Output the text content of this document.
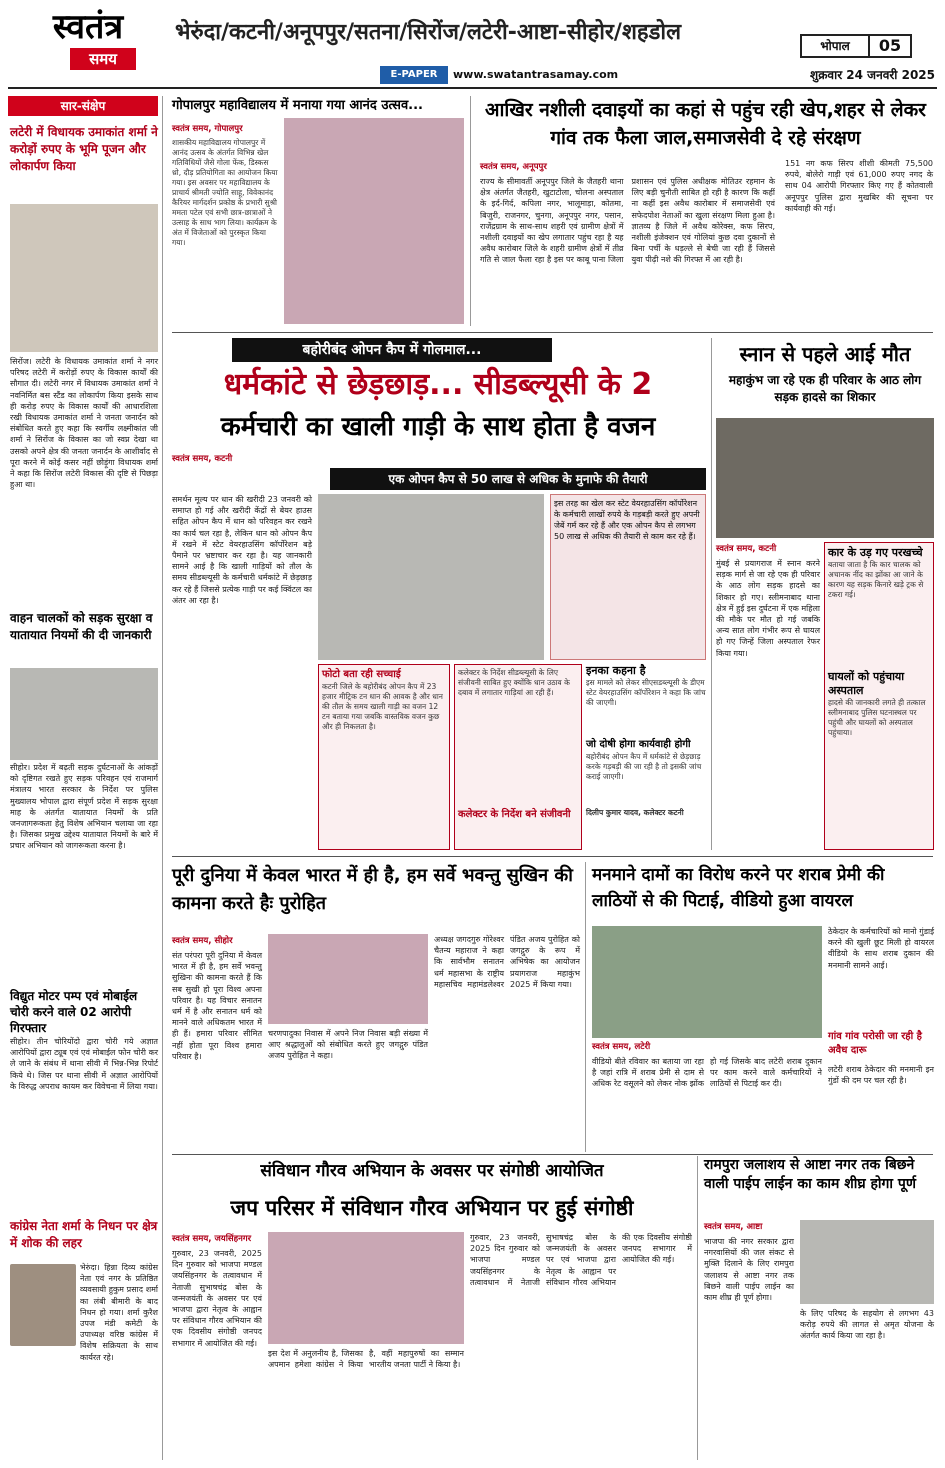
स्वतंत्र
समय
भेरुंदा/कटनी/अनूपपुर/सतना/सिरोंज/लटेरी-आष्टा-सीहोर/शहडोल
भोपाल	05
E-PAPER	www.swatantrasamay.com	शुक्रवार 24 जनवरी 2025
सार-संक्षेप
लटेरी में विधायक उमाकांत शर्मा ने करोड़ों रुपए के भूमि पूजन और लोकार्पण किया
सिरोंज। लटेरी के विधायक उमाकांत शर्मा ने नगर परिषद लटेरी में करोड़ों रुपए के विकास कार्यों की सौगात दी। लटेरी नगर में विधायक उमाकांत शर्मा ने नवनिर्मित बस स्टैंड का लोकार्पण किया इसके साथ ही करोड़ रुपए के विकास कार्यों की आधारशिला रखी विधायक उमाकांत शर्मा ने जनता जनार्दन को संबोधित करते हुए कहा कि स्वर्गीय लक्ष्मीकांत जी शर्मा ने सिरोंज के विकास का जो स्वप्न देखा था उसको अपने क्षेत्र की जनता जनार्दन के आशीर्वाद से पूरा करने में कोई कसर नहीं छोड़ूंगा विधायक शर्मा ने कहा कि सिरोंज लटेरी विकास की दृष्टि से पिछड़ा हुआ था।
वाहन चालकों को सड़क सुरक्षा व यातायात नियमों की दी जानकारी
सीहोर। प्रदेश में बढ़ती सड़क दुर्घटनाओं के आंकड़ों को दृष्टिगत रखते हुए सड़क परिवहन एवं राजमार्ग मंत्रालय भारत सरकार के निर्देश पर पुलिस मुख्यालय भोपाल द्वारा संपूर्ण प्रदेश में सड़क सुरक्षा माह के अंतर्गत यातायात नियमों के प्रति जनजागरूकता हेतु विशेष अभियान चलाया जा रहा है। जिसका प्रमुख उद्देश्य यातायात नियमों के बारे में प्रचार अभियान को जागरूकता करना है।
विद्युत मोटर पम्प एवं मोबाईल चोरी करने वाले 02 आरोपी गिरफ्तार
सीहोर। तीन चोरियोंदो द्वारा चोरी गये अज्ञात आरोपियों द्वारा ट्यूब एवं एवं मोबाईल फोन चोरी कर ले जाने के संबंध में थाना सीवी में भिन्न-भिन्न रिपोर्ट किये थे। जिस पर थाना सीवी में अज्ञात आरोपियों के विरुद्ध अपराध कायम कर विवेचना में लिया गया।
कांग्रेस नेता शर्मा के निधन पर क्षेत्र में शोक की लहर
भेरुंदा। हिन्ना दिव्य कांग्रेस नेता एवं नगर के प्रतिष्ठित व्यवसायी हुकुम प्रसाद शर्मा का लंबी बीमारी के बाद निधन हो गया। शर्मा कुरैश उपज मंडी कमेटी के उपाध्यक्ष वरिष्ठ कांग्रेस में विशेष सक्रियता के साथ कार्यरत रहे।
गोपालपुर महाविद्यालय में मनाया गया आनंद उत्सव...
स्वतंत्र समय, गोपालपुर
शासकीय महाविद्यालय गोपालपुर में आनंद उत्सव के अंतर्गत विभिन्न खेल गतिविधियों जैसे गोला फेंक, डिस्कस थ्रो, दौड़ प्रतियोगिता का आयोजन किया गया। इस अवसर पर महाविद्यालय के प्राचार्य श्रीमती ज्योति साहू, विवेकानंद कैरियर मार्गदर्शन प्रकोष्ठ के प्रभारी सुश्री ममता पटेल एवं सभी छात्र-छात्राओं ने उत्साह के साथ भाग लिया। कार्यक्रम के अंत में विजेताओं को पुरस्कृत किया गया।
आखिर नशीली दवाइयों का कहां से पहुंच रही खेप,शहर से लेकर गांव तक फैला जाल,समाजसेवी दे रहे संरक्षण
स्वतंत्र समय, अनूपपुर
राज्य के सीमावर्ती अनूपपुर जिले के जैतहरी थाना क्षेत्र अंतर्गत जैतहरी, खुटाटोला, चोलना अस्पताल के इर्द-गिर्द, कपिला नगर, भालूमाड़ा, कोतमा, बिजुरी, राजनगर, चुनगा, अनूपपुर नगर, पसान, राजेंद्रग्राम के साथ-साथ शहरी एवं ग्रामीण क्षेत्रों में नशीली दवाइयों का खेप लगातार पहुंच रहा है यह अवैध कारोबार जिले के शहरी ग्रामीण क्षेत्रों में तीव्र गति से जाल फैला रहा है इस पर काबू पाना जिला प्रशासन एवं पुलिस अधीक्षक मोतिउर रहमान के लिए बड़ी चुनौती साबित हो रही है कारण कि कहीं ना कहीं इस अवैध कारोबार में समाजसेवी एवं सफेदपोश नेताओं का खुला संरक्षण मिला हुआ है। ज्ञातव्य है जिले में अवैध कोरेक्स, कफ सिरप, नशीली इंजेक्शन एवं गोलियां कुछ दवा दुकानों से बिना पर्ची के धड़ल्ले से बेची जा रही हैं जिससे युवा पीढ़ी नशे की गिरफ्त में आ रही है।
151 नग कफ सिरप शीशी कीमती 75,500 रुपये, बोलेरो गाड़ी एवं 61,000 रुपए नगद के साथ 04 आरोपी गिरफ्तार किए गए हैं कोतवाली अनूपपुर पुलिस द्वारा मुखबिर की सूचना पर कार्यवाही की गई।
बहोरीबंद ओपन कैप में गोलमाल...
धर्मकांटे से छेड़छाड़... सीडब्ल्यूसी के 2
कर्मचारी का खाली गाड़ी के साथ होता है वजन
स्वतंत्र समय, कटनी
एक ओपन कैप से 50 लाख से अधिक के मुनाफे की तैयारी
समर्थन मूल्य पर धान की खरीदी 23 जनवरी को समाप्त हो गई और खरीदी केंद्रों से बेयर हाउस सहित ओपन कैप में धान को परिवहन कर रखने का कार्य चल रहा है, लेकिन धान को ओपन कैप में रखने में स्टेट वेयरहाउसिंग कॉर्पोरेशन बड़े पैमाने पर भ्रष्टाचार कर रहा है। यह जानकारी सामने आई है कि खाली गाड़ियों को तौल के समय सीडब्ल्यूसी के कर्मचारी धर्मकांटे में छेड़छाड़ कर रहे हैं जिससे प्रत्येक गाड़ी पर कई क्विंटल का अंतर आ रहा है।
इस तरह का खेल कर स्टेट वेयरहाउसिंग कॉर्पोरेशन के कर्मचारी लाखों रुपये के गड़बड़ी करते हुए अपनी जेबें गर्म कर रहे हैं और एक ओपन कैप से लगभग 50 लाख से अधिक की तैयारी से काम कर रहे हैं।
फोटो बता रही सच्चाई
कटनी जिले के बहोरीबंद ओपन कैप में 23 हजार मीट्रिक टन धान की आवक है और धान की तौल के समय खाली गाड़ी का वजन 12 टन बताया गया जबकि वास्तविक वजन कुछ और ही निकलता है।
कलेक्टर के निर्देश सीडब्ल्यूसी के लिए संजीवनी साबित हुए क्योंकि धान उठाव के दबाव में लगातार गाड़ियां आ रही हैं।
कलेक्टर के निर्देश बने संजीवनी
इनका कहना है
इस मामले को लेकर सीएसडब्ल्यूसी के डीएम स्टेट वेयरहाउसिंग कॉर्पोरेशन ने कहा कि जांच की जाएगी।
जो दोषी होगा कार्यवाही होगी
बहोरीबंद ओपन कैप में धर्मकांटे से छेड़छाड़ करके गड़बड़ी की जा रही है तो इसकी जांच कराई जाएगी।
दिलीप कुमार यादव, कलेक्टर कटनी
स्नान से पहले आई मौत
महाकुंभ जा रहे एक ही परिवार के आठ लोग सड़क हादसे का शिकार
स्वतंत्र समय, कटनी
मुंबई से प्रयागराज में स्नान करने सड़क मार्ग से जा रहे एक ही परिवार के आठ लोग सड़क हादसे का शिकार हो गए। स्लीमनाबाद थाना क्षेत्र में हुई इस दुर्घटना में एक महिला की मौके पर मौत हो गई जबकि अन्य सात लोग गंभीर रूप से घायल हो गए जिन्हें जिला अस्पताल रेफर किया गया।
कार के उड़ गए परखच्चे
बताया जाता है कि कार चालक को अचानक नींद का झोंका आ जाने के कारण यह सड़क किनारे खड़े ट्रक से टकरा गई।
घायलों को पहुंचाया अस्पताल
हादसे की जानकारी लगते ही तत्काल स्लीमनाबाद पुलिस घटनास्थल पर पहुंची और घायलों को अस्पताल पहुंचाया।
पूरी दुनिया में केवल भारत में ही है, हम सर्वे भवन्तु सुखिन की कामना करते हैः पुरोहित
स्वतंत्र समय, सीहोर
संत परंपरा पूरी दुनिया में केवल भारत में ही है, हम सर्वे भवन्तु सुखिनः की कामना करते हैं कि सब सुखी हो पूरा विश्व अपना परिवार है। यह विचार सनातन धर्म में है और सनातन धर्म को मानने वाले अधिकतम भारत में ही हैं। हमारा परिवार सीमित नहीं होता पूरा विश्व हमारा परिवार है।
चरणपादुका निवास में अपने निज निवास बड़ी संख्या में आए श्रद्धालुओं को संबोधित करते हुए जगद्गुरु पंडित अजय पुरोहित ने कहा।
अध्यक्ष जगदगुरु गोरेश्वर चैतन्य महाराज ने कहा कि सार्वभौम सनातन धर्म महासभा के राष्ट्रीय महासचिव महामंडलेश्वर पंडित अजय पुरोहित को जगद्गुरु के रूप में अभिषेक का आयोजन प्रयागराज महाकुंभ 2025 में किया गया।
मनमाने दामों का विरोध करने पर शराब प्रेमी की लाठियों से की पिटाई, वीडियो हुआ वायरल
स्वतंत्र समय, लटेरी
वीडियो बीते रविवार का बताया जा रहा है जहां रात्रि में शराब प्रेमी से दाम से अधिक रेट वसूलने को लेकर नोक झोंक हो गई जिसके बाद लटेरी शराब दुकान पर काम करने वाले कर्मचारियों ने लाठियों से पिटाई कर दी।
ठेकेदार के कर्मचारियों को मानो गुंडाई करने की खुली छूट मिली हो वायरल वीडियो के साथ शराब दुकान की मनमानी सामने आई।
गांव गांव परोसी जा रही है अवैध दारू
लटेरी शराब ठेकेदार की मनमानी इन गुंडों की दम पर चल रही है।
संविधान गौरव अभियान के अवसर पर संगोष्ठी आयोजित
जप परिसर में संविधान गौरव अभियान पर हुई संगोष्ठी
स्वतंत्र समय, जयसिंहनगर
गुरुवार, 23 जनवरी, 2025 दिन गुरुवार को भाजपा मण्डल जयसिंहनगर के तत्वावधान में नेताजी सुभाषचंद्र बोस के जन्मजयंती के अवसर पर एवं भाजपा द्वारा नेतृत्व के आह्वान पर संविधान गौरव अभियान की एक दिवसीय संगोष्ठी जनपद सभागार में आयोजित की गई।
इस देश में अनुलनीय है, जिसका अपमान हमेशा कांग्रेस ने किया है, वहीं महापुरुषों का सम्मान भारतीय जनता पार्टी ने किया है।
गुरुवार, 23 जनवरी, 2025 दिन गुरुवार को भाजपा मण्डल जयसिंहनगर के तत्वावधान में नेताजी सुभाषचंद्र बोस के जन्मजयंती के अवसर पर एवं भाजपा द्वारा नेतृत्व के आह्वान पर संविधान गौरव अभियान की एक दिवसीय संगोष्ठी जनपद सभागार में आयोजित की गई।
रामपुरा जलाशय से आष्टा नगर तक बिछने वाली पाईप लाईन का काम शीघ्र होगा पूर्ण
स्वतंत्र समय, आष्टा
भाजपा की नगर सरकार द्वारा नगरवासियों की जल संकट से मुक्ति दिलाने के लिए रामपुरा जलाशय से आष्टा नगर तक बिछने वाली पाईप लाईन का काम शीघ्र ही पूर्ण होगा।
के लिए परिषद के सहयोग से लगभग 43 करोड़ रुपये की लागत से अमृत योजना के अंतर्गत कार्य किया जा रहा है।
